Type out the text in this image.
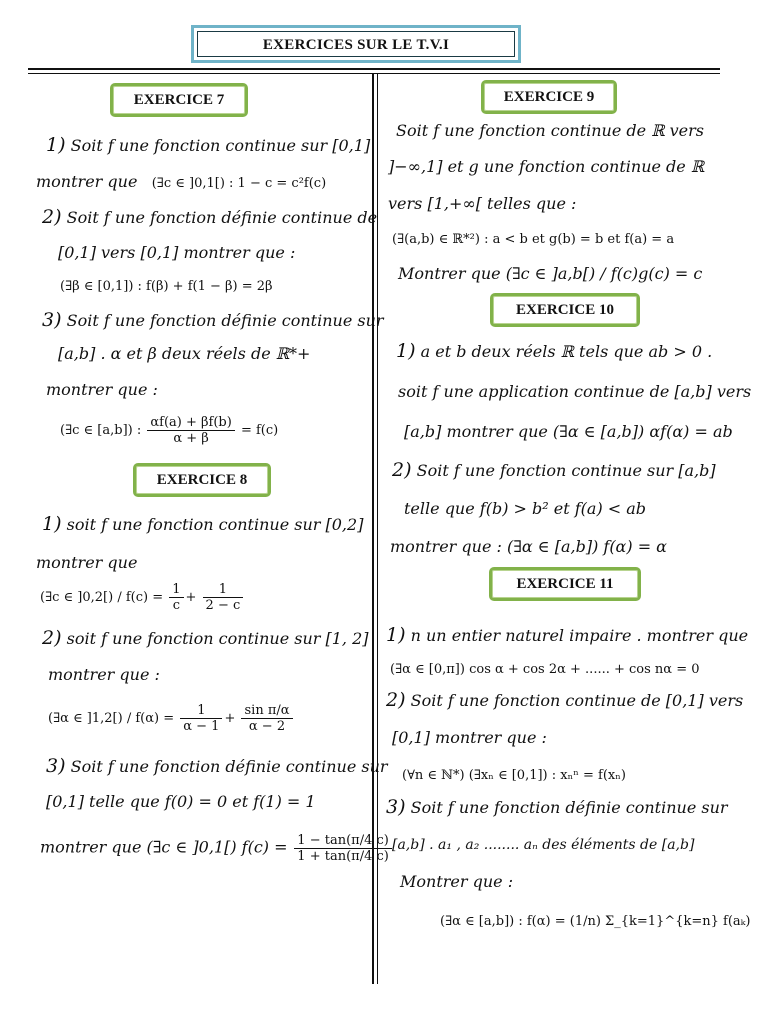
EXERCICES SUR LE T.V.I
EXERCICE 7
1) Soit f une fonction continue sur [0,1]
montrer que (∃c ∈ ]0,1[) : 1 − c = c²f(c)
2) Soit f une fonction définie continue de
[0,1] vers [0,1] montrer que :
(∃β ∈ [0,1]) : f(β) + f(1 − β) = 2β
3) Soit f une fonction définie continue sur
[a,b] . α et β deux réels de ℝ*+
montrer que :
(∃c ∈ [a,b]) : $\frac{\alpha f(a) + \beta f(b)}{\alpha + \beta} = f(c)$
EXERCICE 8
1) soit f une fonction continue sur [0,2]
montrer que
(∃c ∈ ]$0,2[) / f(c) = \frac{1}{c} + \frac{1}{2 - c}$
2) soit f une fonction continue sur [1, 2]
montrer que :
(∃α ∈ ]$1,2[) / f(\alpha) = \frac{1}{\alpha - 1} + \frac{\text{sin π/α}}{\alpha - 2}$
3) Soit f une fonction définie continue sur
[0,1] telle que f(0) = 0 et f(1) = 1
montrer que (∃c ∈ ]0,1[) $f(c) = \frac{1 - \tan(\pi/4 c)}{1 + \tan(\pi/4 c)}$
EXERCICE 9
Soit f une fonction continue de ℝ vers
]−∞,1] et g une fonction continue de ℝ
vers [1,+∞[ telles que :
(∃(a,b) ∈ ℝ*²) : a < b et g(b) = b et f(a) = a
Montrer que (∃c ∈ ]a,b[) / f(c)g(c) = c
EXERCICE 10
1) a et b deux réels ℝ tels que ab > 0 .
soit f une application continue de [a,b] vers
[a,b] montrer que (∃α ∈ [a,b]) αf(α) = ab
2) Soit f une fonction continue sur [a,b]
telle que f(b) > b² et f(a) < ab
montrer que : (∃α ∈ [a,b]) f(α) = α
EXERCICE 11
1) n un entier naturel impaire . montrer que
(∃α ∈ [0,π]) cos α + cos 2α + ...... + cos nα = 0
2) Soit f une fonction continue de [0,1] vers
[0,1] montrer que :
(∀n ∈ ℕ*) (∃xₙ ∈ [0,1]) : xₙⁿ = f(xₙ)
3) Soit f une fonction définie continue sur
[a,b] . a₁ , a₂ ........ aₙ des éléments de [a,b]
Montrer que :
(∃α ∈ [a,b]) : f(α) = (1/n) Σ_{k=1}^{k=n} f(aₖ)
